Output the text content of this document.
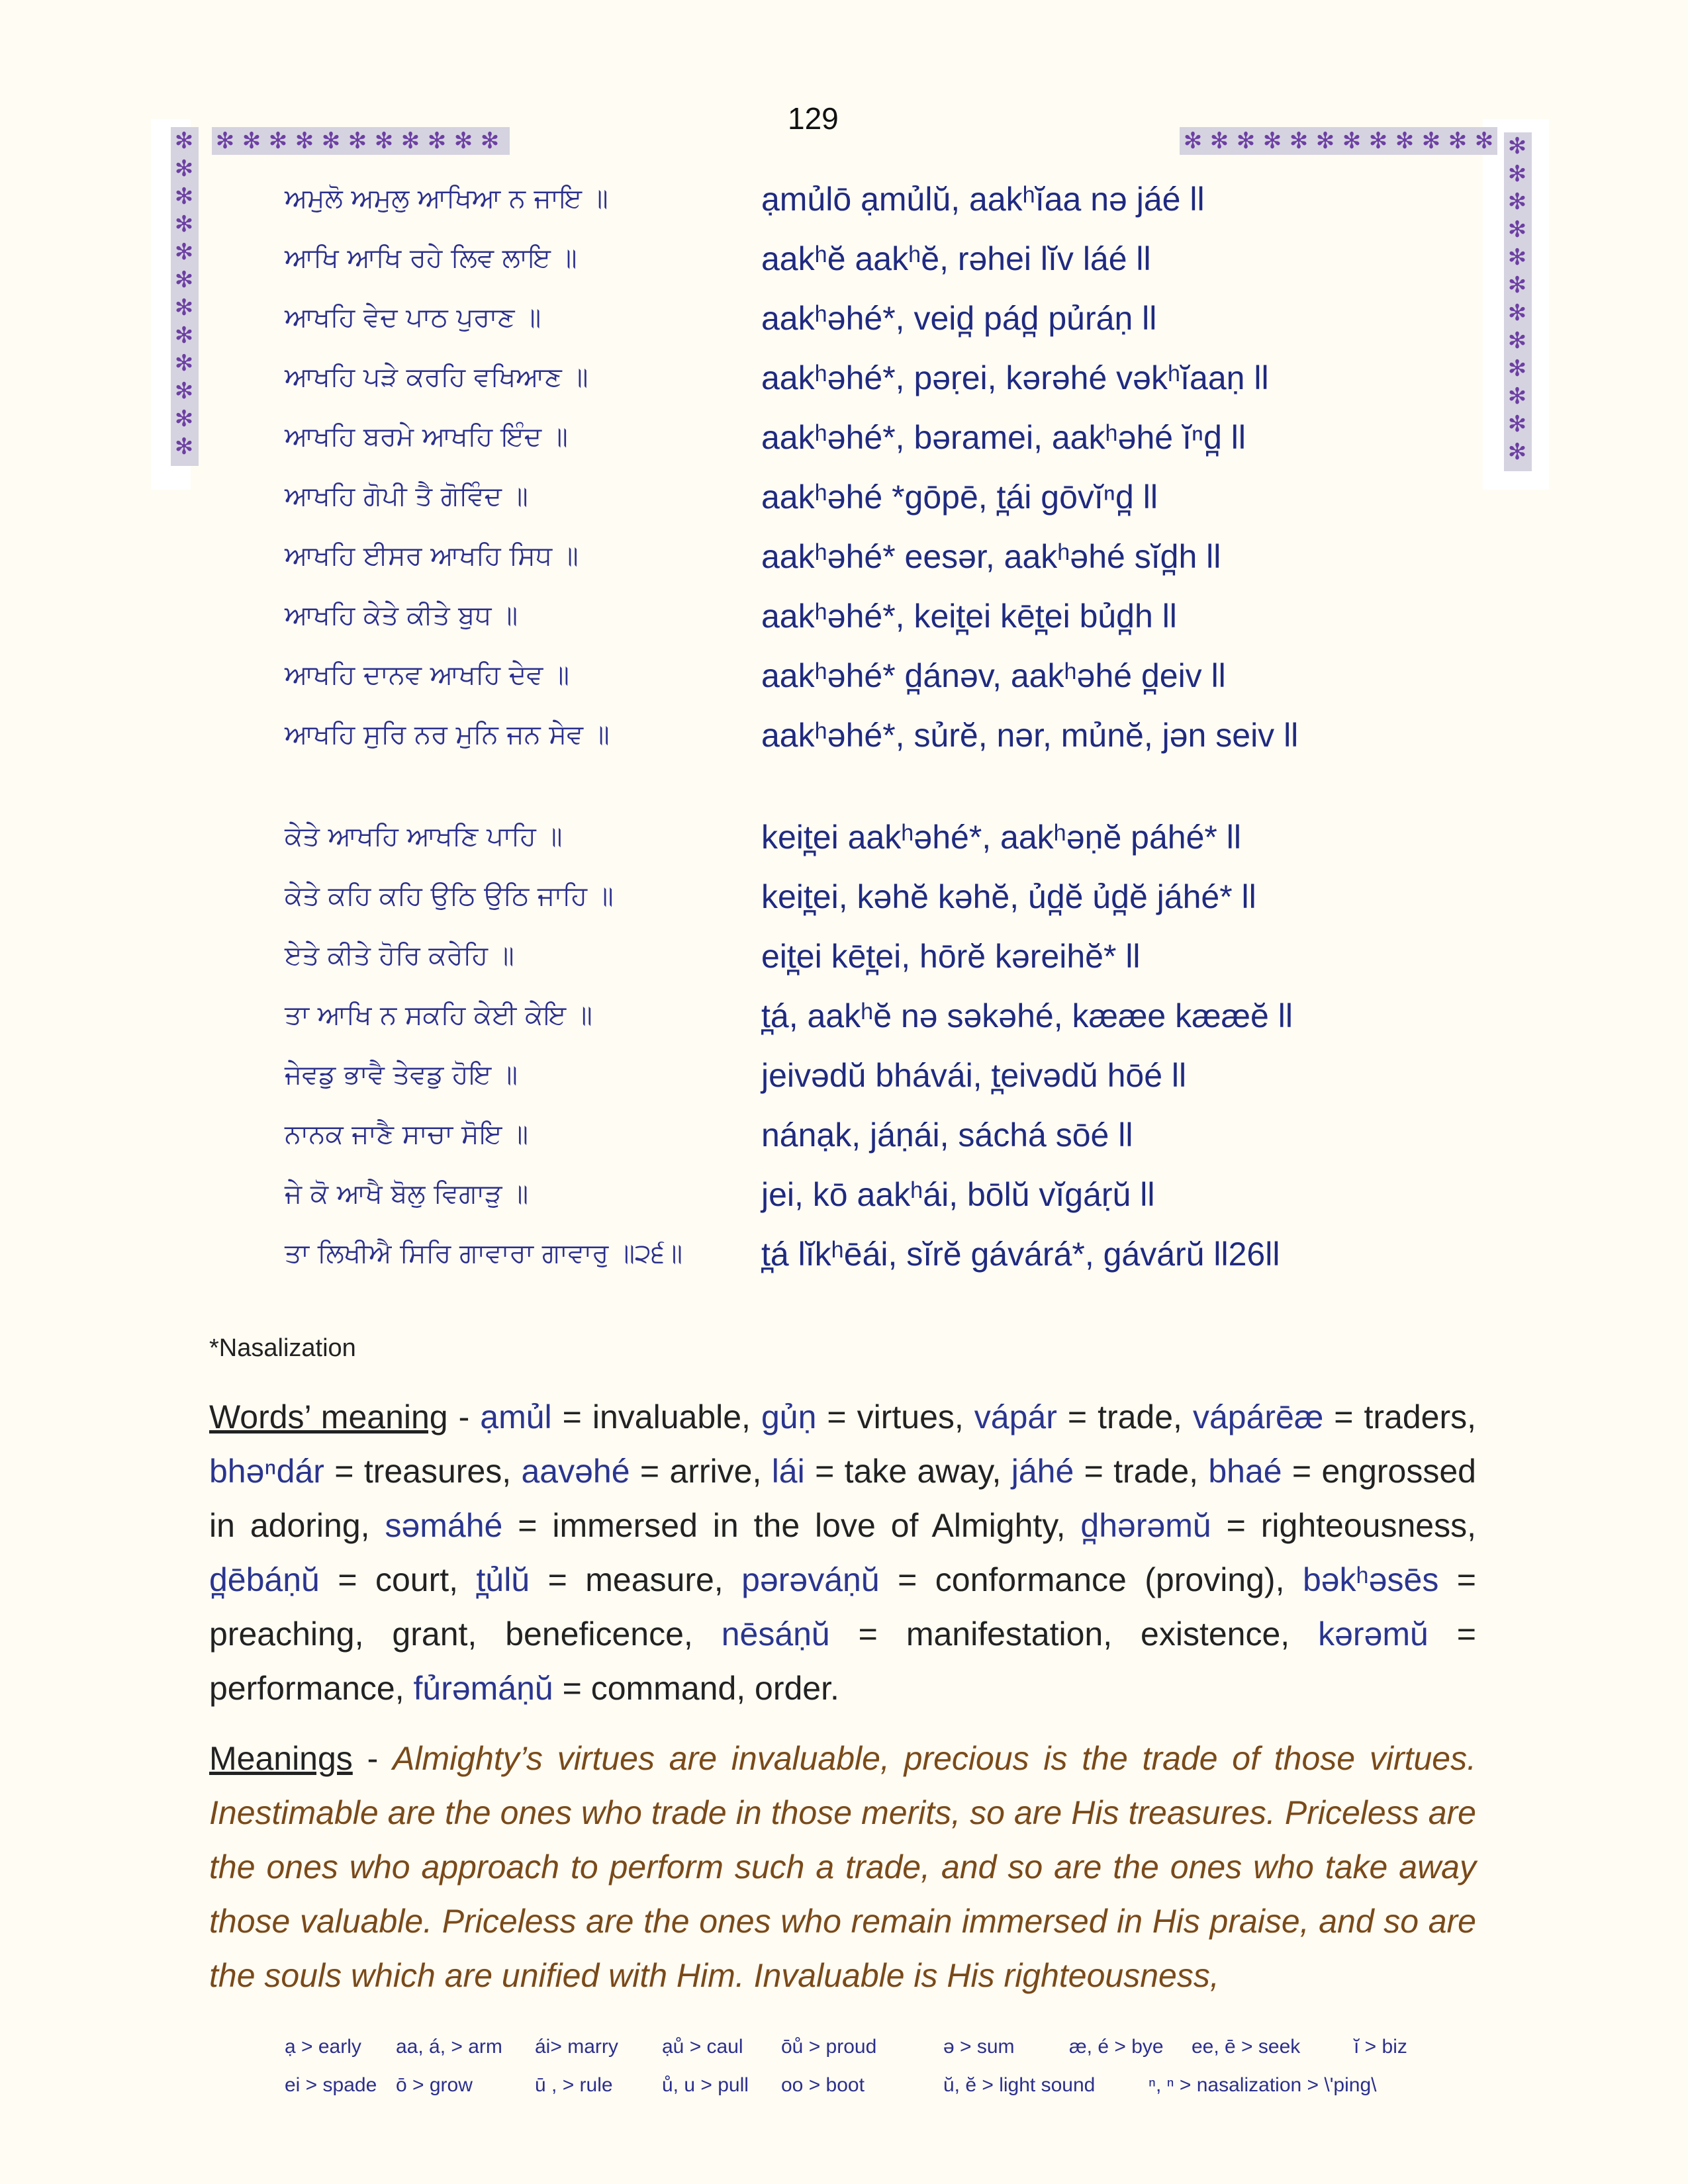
129
✻ ✻ ✻ ✻ ✻ ✻ ✻ ✻ ✻ ✻ ✻
✻
✻
✻
✻
✻
✻
✻
✻
✻
✻
✻
✻
✻ ✻ ✻ ✻ ✻ ✻ ✻ ✻ ✻ ✻ ✻ ✻ ✻
✻
✻
✻
✻
✻
✻
✻
✻
✻
✻
✻
ਅਮੁਲੋ ਅਮੁਲੁ ਆਖਿਆ ਨ ਜਾਇ ॥	ạmủlō ạmủlŭ, aakʰĭaa nə jáé ll
ਆਖਿ ਆਖਿ ਰਹੇ ਲਿਵ ਲਾਇ ॥	aakʰĕ aakʰĕ, rəhei lĭv láé ll
ਆਖਹਿ ਵੇਦ ਪਾਠ ਪੁਰਾਣ ॥	aakʰəhé*, veid̪ pád̪ pủráṇ ll
ਆਖਹਿ ਪੜੇ ਕਰਹਿ ਵਖਿਆਣ ॥	aakʰəhé*, pəṛei, kərəhé vəkʰĭaaṇ ll
ਆਖਹਿ ਬਰਮੇ ਆਖਹਿ ਇੰਦ ॥	aakʰəhé*, bəramei, aakʰəhé ĭⁿd̪ ll
ਆਖਹਿ ਗੋਪੀ ਤੈ ਗੋਵਿੰਦ ॥	aakʰəhé *gōpē, t̪ái gōvĭⁿd̪ ll
ਆਖਹਿ ਈਸਰ ਆਖਹਿ ਸਿਧ ॥	aakʰəhé* eesər, aakʰəhé sĭd̪h ll
ਆਖਹਿ ਕੇਤੇ ਕੀਤੇ ਬੁਧ ॥	aakʰəhé*, keit̪ei kēt̪ei bủd̪h ll
ਆਖਹਿ ਦਾਨਵ ਆਖਹਿ ਦੇਵ ॥	aakʰəhé* d̪ánəv, aakʰəhé d̪eiv ll
ਆਖਹਿ ਸੁਰਿ ਨਰ ਮੁਨਿ ਜਨ ਸੇਵ ॥	aakʰəhé*, sủrĕ, nər, mủnĕ, jən seiv ll
ਕੇਤੇ ਆਖਹਿ ਆਖਣਿ ਪਾਹਿ ॥	keit̪ei aakʰəhé*, aakʰəṇĕ páhé* ll
ਕੇਤੇ ਕਹਿ ਕਹਿ ਉਠਿ ਉਠਿ ਜਾਹਿ ॥	keit̪ei, kəhĕ kəhĕ, ủd̪ĕ ủd̪ĕ jáhé* ll
ਏਤੇ ਕੀਤੇ ਹੋਰਿ ਕਰੇਹਿ ॥	eit̪ei kēt̪ei, hōrĕ kəreihĕ* ll
ਤਾ ਆਖਿ ਨ ਸਕਹਿ ਕੇਈ ਕੇਇ ॥	t̪á, aakʰĕ nə səkəhé, kææe kææĕ ll
ਜੇਵਡੁ ਭਾਵੈ ਤੇਵਡੁ ਹੋਇ ॥	jeivədŭ bhávái, t̪eivədŭ hōé ll
ਨਾਨਕ ਜਾਣੈ ਸਾਚਾ ਸੋਇ ॥	nánạk, jáṇái, sáchá sōé ll
ਜੇ ਕੋ ਆਖੈ ਬੋਲੁ ਵਿਗਾੜੁ ॥	jei, kō aakʰái, bōlŭ vĭgáṛŭ ll
ਤਾ ਲਿਖੀਐ ਸਿਰਿ ਗਾਵਾਰਾ ਗਾਵਾਰੁ ॥੨੬॥	t̪á lĭkʰēái, sĭrĕ gávárá*, gávárŭ ll26ll
*Nasalization
Words’ meaning - ạmủl = invaluable, gủṇ = virtues, vápár = trade, vápárēæ = traders, bhəⁿdár = treasures, aavəhé = arrive, lái = take away, jáhé = trade, bhaé = engrossed in adoring, səmáhé = immersed in the love of Almighty, d̪hərəmŭ = righteousness, d̪ēbáṇŭ = court, t̪ủlŭ = measure, pərəváṇŭ = conformance (proving), bəkʰəsēs = preaching, grant, beneficence, nēsáṇŭ = manifestation, existence, kərəmŭ = performance, fủrəmáṇŭ = command, order.
Meanings - Almighty’s virtues are invaluable, precious is the trade of those virtues. Inestimable are the ones who trade in those merits, so are His treasures. Priceless are the ones who approach to perform such a trade, and so are the ones who take away those valuable. Priceless are the ones who remain immersed in His praise, and so are the souls which are unified with Him. Invaluable is His righteousness,
ạ > early	aa, á, > arm	ái> marry	ạů > caul	ōů > proud	ə > sum	æ, é > bye	ee, ē > seek	ĭ > biz
ei > spade ō > grow	ū , > rule	ů, u > pull	oo > boot	ŭ, ĕ > light sound	ⁿ, ⁿ > nasalization > \'ping\
